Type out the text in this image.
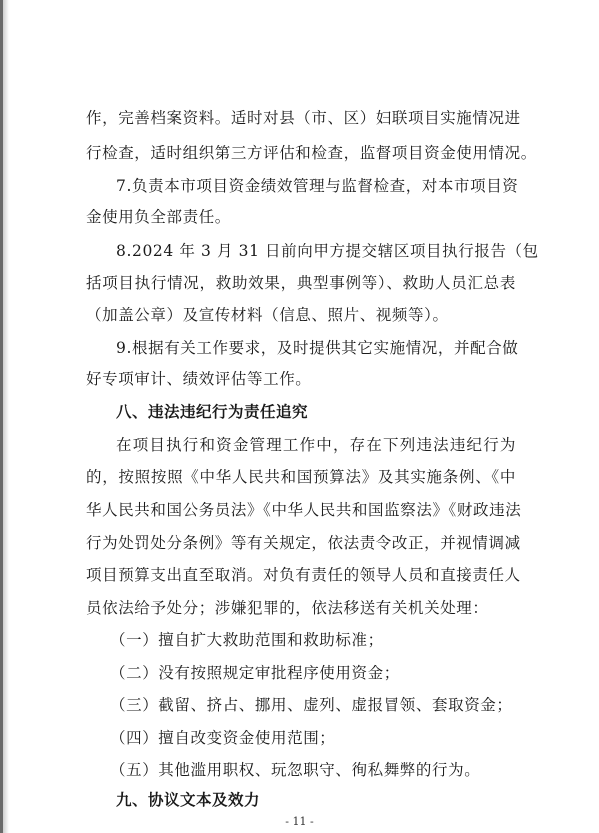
作，完善档案资料。适时对县（市、区）妇联项目实施情况进
行检查，适时组织第三方评估和检查，监督项目资金使用情况。
7.负责本市项目资金绩效管理与监督检查，对本市项目资
金使用负全部责任。
8.2024 年 3 月 31 日前向甲方提交辖区项目执行报告（包
括项目执行情况，救助效果，典型事例等）、救助人员汇总表
（加盖公章）及宣传材料（信息、照片、视频等）。
9.根据有关工作要求，及时提供其它实施情况，并配合做
好专项审计、绩效评估等工作。
八、违法违纪行为责任追究
在项目执行和资金管理工作中，存在下列违法违纪行为
的，按照按照《中华人民共和国预算法》及其实施条例、《中
华人民共和国公务员法》《中华人民共和国监察法》《财政违法
行为处罚处分条例》等有关规定，依法责令改正，并视情调减
项目预算支出直至取消。对负有责任的领导人员和直接责任人
员依法给予处分；涉嫌犯罪的，依法移送有关机关处理：
（一）擅自扩大救助范围和救助标准；
（二）没有按照规定审批程序使用资金；
（三）截留、挤占、挪用、虚列、虚报冒领、套取资金；
（四）擅自改变资金使用范围；
（五）其他滥用职权、玩忽职守、徇私舞弊的行为。
九、协议文本及效力
- 11 -
